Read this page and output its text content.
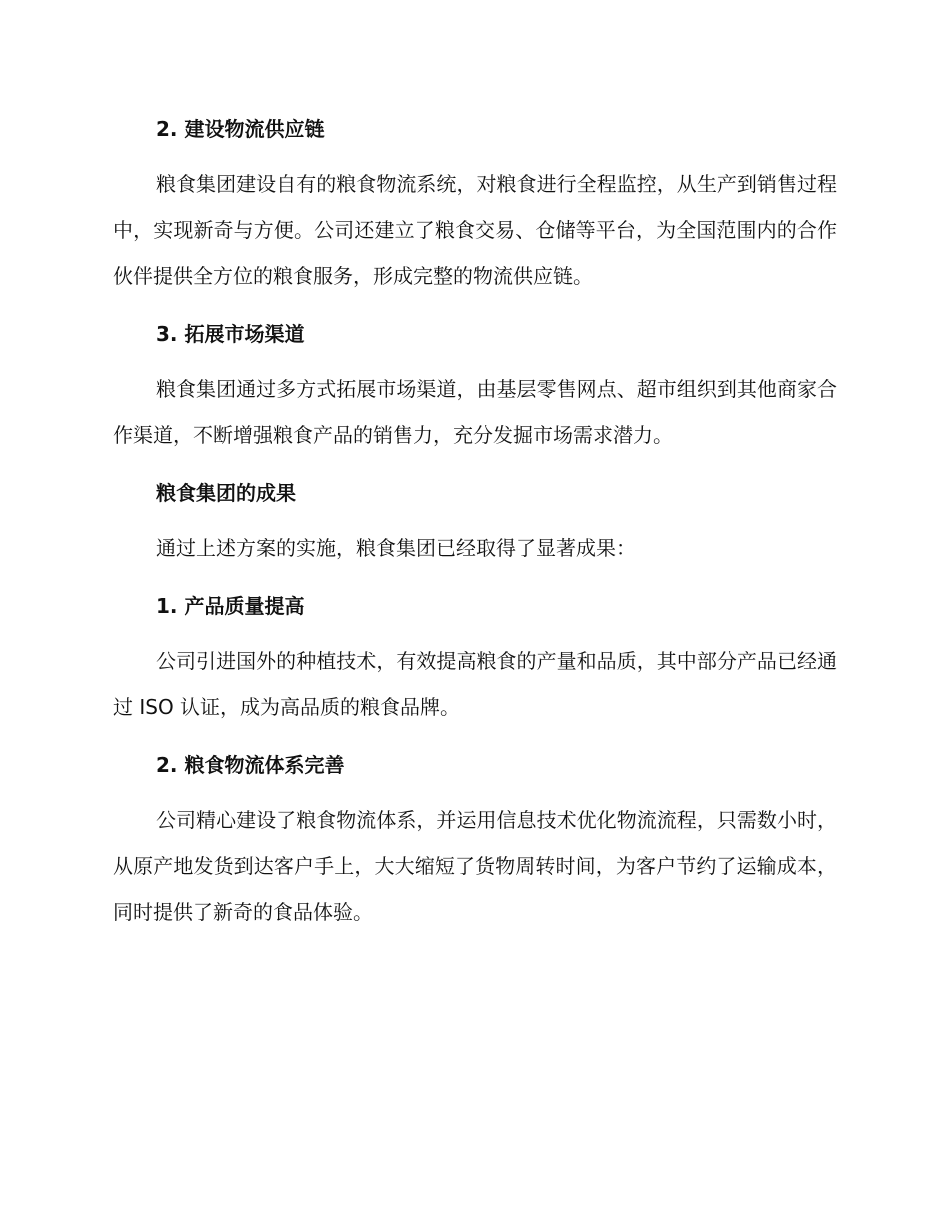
2. 建设物流供应链

粮食集团建设自有的粮食物流系统，对粮食进行全程监控，从生产到销售过程中，实现新奇与方便。公司还建立了粮食交易、仓储等平台，为全国范围内的合作伙伴提供全方位的粮食服务，形成完整的物流供应链。

3. 拓展市场渠道

粮食集团通过多方式拓展市场渠道，由基层零售网点、超市组织到其他商家合作渠道，不断增强粮食产品的销售力，充分发掘市场需求潜力。

粮食集团的成果

通过上述方案的实施，粮食集团已经取得了显著成果：

1. 产品质量提高

公司引进国外的种植技术，有效提高粮食的产量和品质，其中部分产品已经通过 ISO 认证，成为高品质的粮食品牌。

2. 粮食物流体系完善

公司精心建设了粮食物流体系，并运用信息技术优化物流流程，只需数小时，从原产地发货到达客户手上，大大缩短了货物周转时间，为客户节约了运输成本，同时提供了新奇的食品体验。
